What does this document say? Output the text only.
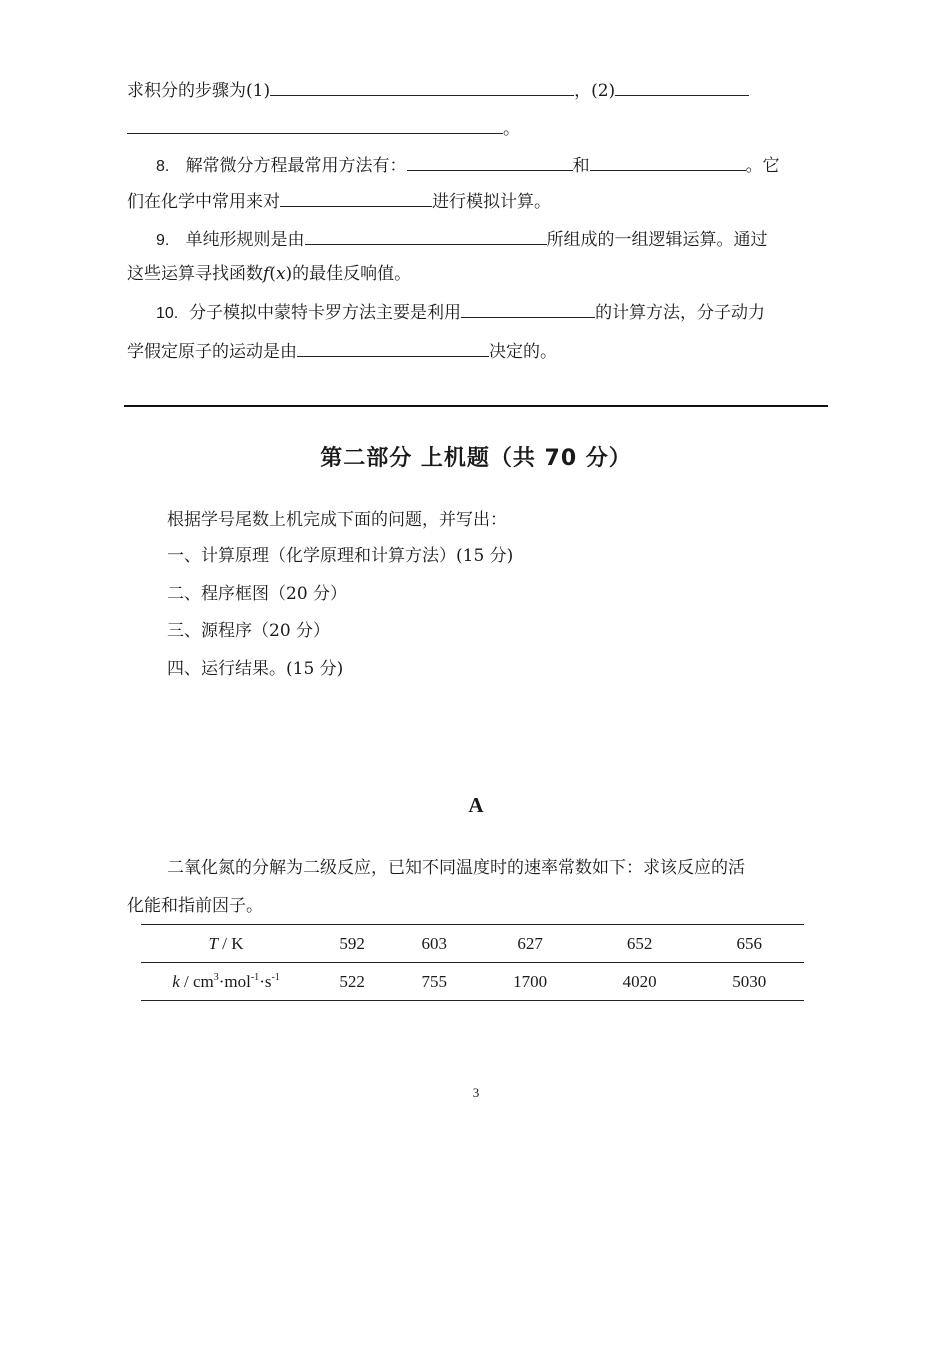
求积分的步骤为(1)	，(2)
。
8. 解常微分方程最常用方法有：	和	。它
们在化学中常用来对	进行模拟计算。
9. 单纯形规则是由	所组成的一组逻辑运算。通过
这些运算寻找函数f(x)的最佳反响值。
10. 分子模拟中蒙特卡罗方法主要是利用	的计算方法，分子动力
学假定原子的运动是由	决定的。
第二部分 上机题（共 70 分）
根据学号尾数上机完成下面的问题，并写出：
一、计算原理（化学原理和计算方法）(15 分)
二、程序框图（20 分）
三、源程序（20 分）
四、运行结果。(15 分)
A
二氧化氮的分解为二级反应，已知不同温度时的速率常数如下：求该反应的活
化能和指前因子。
T / K	592	603	627	652	656
$k / cm^3\cdot mol^{-1}\cdot s^{-1}$	522	755	1700	4020	5030
3
